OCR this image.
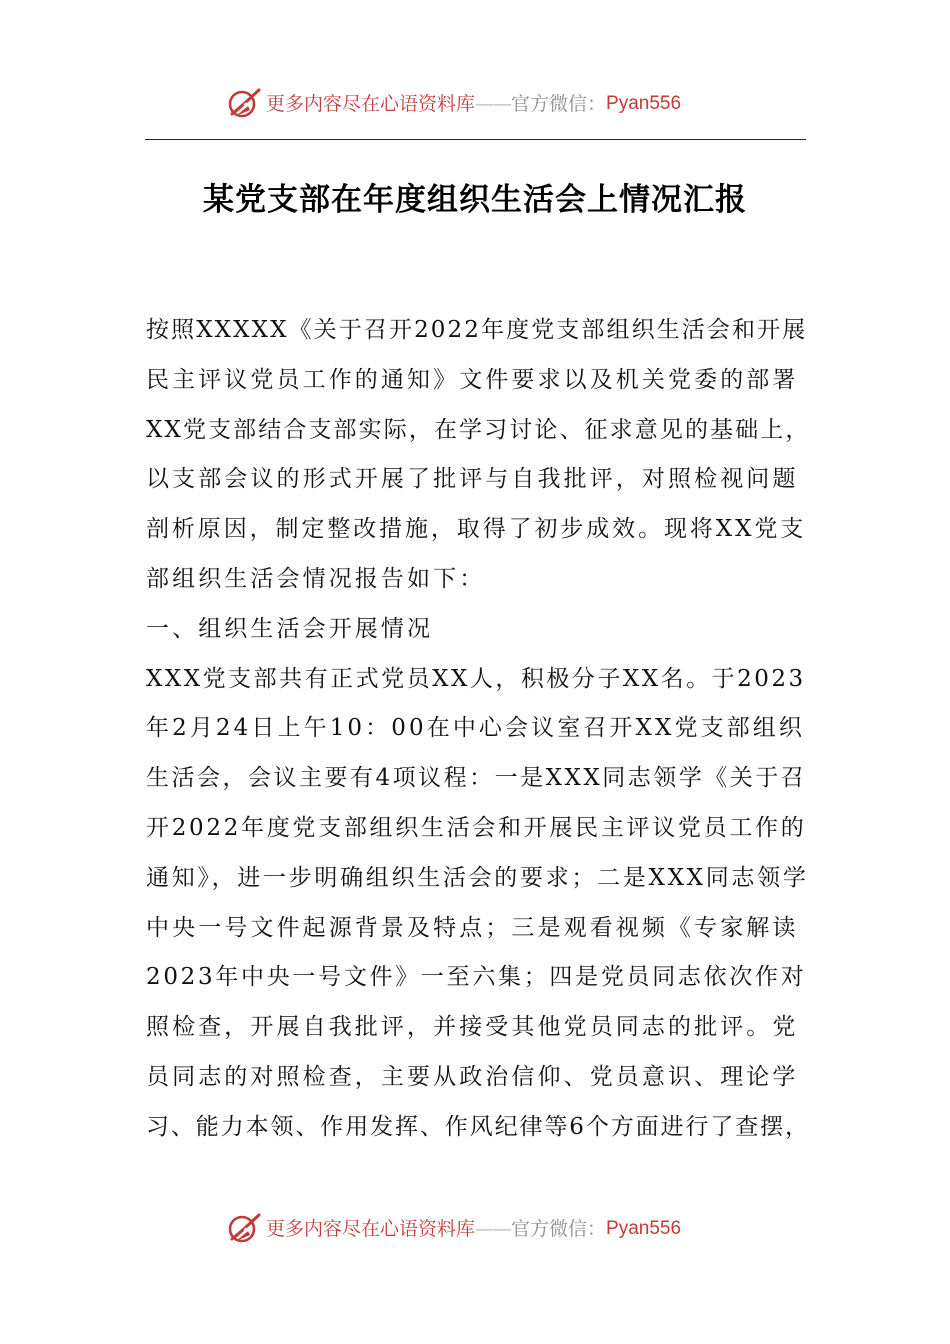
更多内容尽在心语资料库 —— 官方微信： Pyan556
某党支部在年度组织生活会上情况汇报
按照XXXXX《关于召开2022年度党支部组织生活会和开展
民主评议党员工作的通知》文件要求以及机关党委的部署
XX党支部结合支部实际，在学习讨论、征求意见的基础上，
以支部会议的形式开展了批评与自我批评，对照检视问题
剖析原因，制定整改措施，取得了初步成效。现将XX党支
部组织生活会情况报告如下：
一、组织生活会开展情况
XXX党支部共有正式党员XX人，积极分子XX名。于2023
年2月24日上午10：00在中心会议室召开XX党支部组织
生活会，会议主要有4项议程：一是XXX同志领学《关于召
开2022年度党支部组织生活会和开展民主评议党员工作的
通知》，进一步明确组织生活会的要求；二是XXX同志领学
中央一号文件起源背景及特点；三是观看视频《专家解读
2023年中央一号文件》一至六集；四是党员同志依次作对
照检查，开展自我批评，并接受其他党员同志的批评。党
员同志的对照检查，主要从政治信仰、党员意识、理论学
习、能力本领、作用发挥、作风纪律等6个方面进行了查摆，
更多内容尽在心语资料库 —— 官方微信： Pyan556
